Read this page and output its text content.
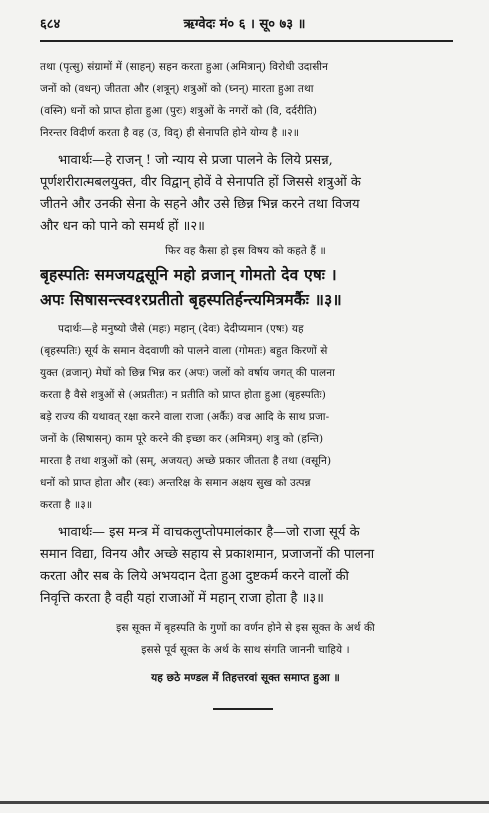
६८४	ऋग्वेदः मं० ६ । सू० ७३ ॥
तथा (पृत्सु) संग्रामों में (साहन्) सहन करता हुआ (अमित्रान्) विरोधी उदासीन
जनों को (वधन्) जीतता और (शत्रून्) शत्रुओं को (घ्नन्) मारता हुआ तथा
(वस्नि) धनों को प्राप्त होता हुआ (पुरः) शत्रुओं के नगरों को (वि, दर्दरीति)
निरन्तर विदीर्ण करता है वह (उ, विद्) ही सेनापति होने योग्य है ॥२॥
भावार्थः—हे राजन् ! जो न्याय से प्रजा पालने के लिये प्रसन्न,
पूर्णशरीरात्मबलयुक्त, वीर विद्वान् होवें वे सेनापति हों जिससे शत्रुओं के
जीतने और उनकी सेना के सहने और उसे छिन्न भिन्न करने तथा विजय
और धन को पाने को समर्थ हों ॥२॥
फिर वह कैसा हो इस विषय को कहते हैं ॥
बृहस्पतिः समजयद्वसूनि महो व्रजान् गोमतो देव एषः ।
अपः सिषासन्त्स्व१रप्रतीतो बृहस्पतिर्हन्त्यमित्रमर्कैः ॥३॥
पदार्थः—हे मनुष्यो जैसे (महः) महान् (देवः) देदीप्यमान (एषः) यह
(बृहस्पतिः) सूर्य के समान वेदवाणी को पालने वाला (गोमतः) बहुत किरणों से
युक्त (व्रजान्) मेघों को छिन्न भिन्न कर (अपः) जलों को वर्षाय जगत् की पालना
करता है वैसे शत्रुओं से (अप्रतीतः) न प्रतीति को प्राप्त होता हुआ (बृहस्पतिः)
बड़े राज्य की यथावत् रक्षा करने वाला राजा (अर्कैः) वज्र आदि के साथ प्रजा-
जनों के (सिषासन्) काम पूरे करने की इच्छा कर (अमित्रम्) शत्रु को (हन्ति)
मारता है तथा शत्रुओं को (सम्, अजयत्) अच्छे प्रकार जीतता है तथा (वसूनि)
धनों को प्राप्त होता और (स्वः) अन्तरिक्ष के समान अक्षय सुख को उत्पन्न
करता है ॥३॥
भावार्थः— इस मन्त्र में वाचकलुप्तोपमालंकार है—जो राजा सूर्य के
समान विद्या, विनय और अच्छे सहाय से प्रकाशमान, प्रजाजनों की पालना
करता और सब के लिये अभयदान देता हुआ दुष्टकर्म करने वालों की
निवृत्ति करता है वही यहां राजाओं में महान् राजा होता है ॥३॥
इस सूक्त में बृहस्पति के गुणों का वर्णन होने से इस सूक्त के अर्थ की
इससे पूर्व सूक्त के अर्थ के साथ संगति जाननी चाहिये ।
यह छठे मण्डल में तिहत्तरवां सूक्त समाप्त हुआ ॥
